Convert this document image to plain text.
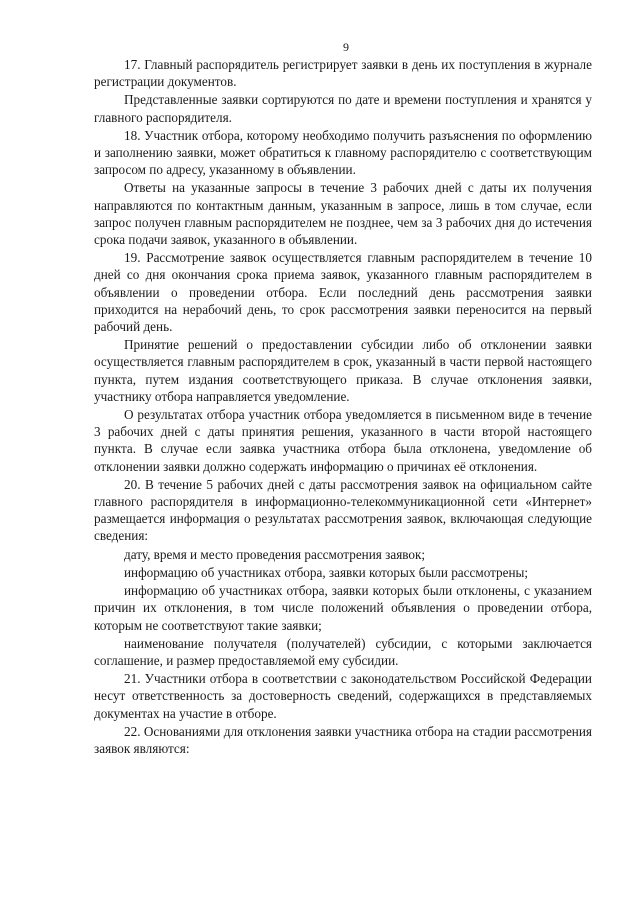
9

17. Главный распорядитель регистрирует заявки в день их поступления в журнале регистрации документов.

Представленные заявки сортируются по дате и времени поступления и хранятся у главного распорядителя.

18. Участник отбора, которому необходимо получить разъяснения по оформлению и заполнению заявки, может обратиться к главному распорядителю с соответствующим запросом по адресу, указанному в объявлении.

Ответы на указанные запросы в течение 3 рабочих дней с даты их получения направляются по контактным данным, указанным в запросе, лишь в том случае, если запрос получен главным распорядителем не позднее, чем за 3 рабочих дня до истечения срока подачи заявок, указанного в объявлении.

19. Рассмотрение заявок осуществляется главным распорядителем в течение 10 дней со дня окончания срока приема заявок, указанного главным распорядителем в объявлении о проведении отбора. Если последний день рассмотрения заявки приходится на нерабочий день, то срок рассмотрения заявки переносится на первый рабочий день.

Принятие решений о предоставлении субсидии либо об отклонении заявки осуществляется главным распорядителем в срок, указанный в части первой настоящего пункта, путем издания соответствующего приказа. В случае отклонения заявки, участнику отбора направляется уведомление.

О результатах отбора участник отбора уведомляется в письменном виде в течение 3 рабочих дней с даты принятия решения, указанного в части второй настоящего пункта. В случае если заявка участника отбора была отклонена, уведомление об отклонении заявки должно содержать информацию о причинах её отклонения.

20. В течение 5 рабочих дней с даты рассмотрения заявок на официальном сайте главного распорядителя в информационно-телекоммуникационной сети «Интернет» размещается информация о результатах рассмотрения заявок, включающая следующие сведения:

дату, время и место проведения рассмотрения заявок;

информацию об участниках отбора, заявки которых были рассмотрены;

информацию об участниках отбора, заявки которых были отклонены, с указанием причин их отклонения, в том числе положений объявления о проведении отбора, которым не соответствуют такие заявки;

наименование получателя (получателей) субсидии, с которыми заключается соглашение, и размер предоставляемой ему субсидии.

21. Участники отбора в соответствии с законодательством Российской Федерации несут ответственность за достоверность сведений, содержащихся в представляемых документах на участие в отборе.

22. Основаниями для отклонения заявки участника отбора на стадии рассмотрения заявок являются:
